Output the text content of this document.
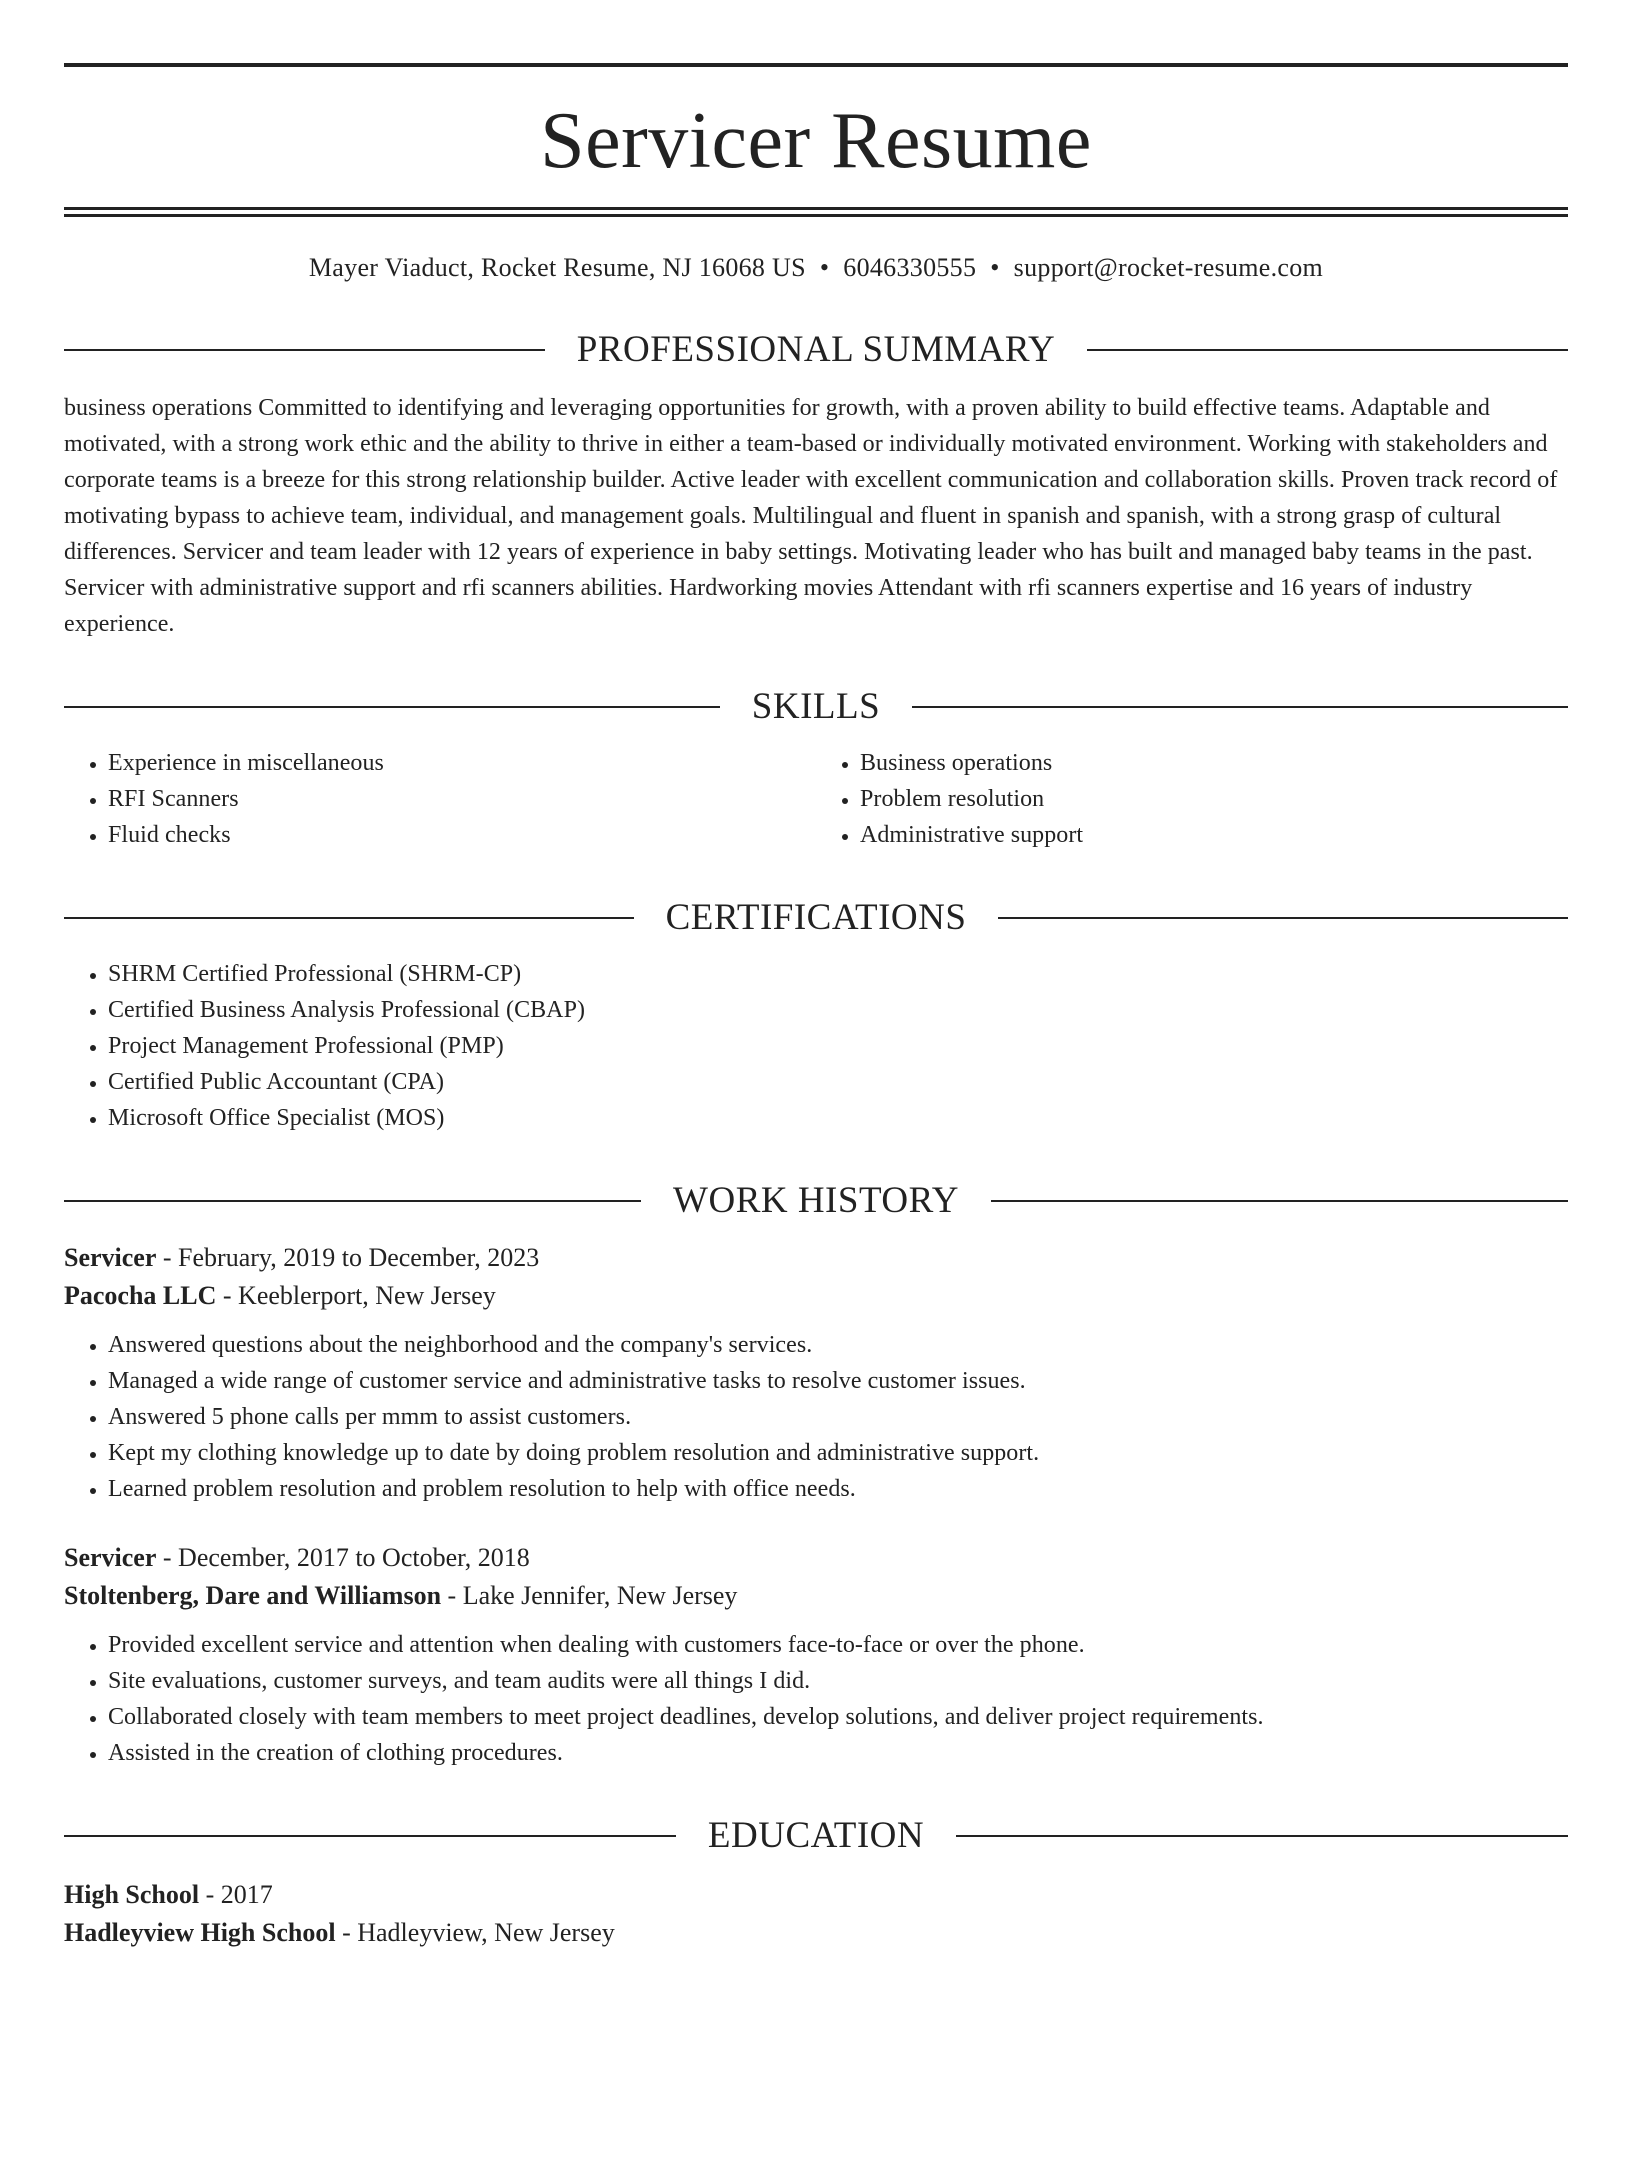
Servicer Resume
Mayer Viaduct, Rocket Resume, NJ 16068 US • 6046330555 • support@rocket-resume.com
PROFESSIONAL SUMMARY

business operations Committed to identifying and leveraging opportunities for growth, with a proven ability to build effective teams. Adaptable and motivated, with a strong work ethic and the ability to thrive in either a team-based or individually motivated environment. Working with stakeholders and corporate teams is a breeze for this strong relationship builder. Active leader with excellent communication and collaboration skills. Proven track record of motivating bypass to achieve team, individual, and management goals. Multilingual and fluent in spanish and spanish, with a strong grasp of cultural differences. Servicer and team leader with 12 years of experience in baby settings. Motivating leader who has built and managed baby teams in the past. Servicer with administrative support and rfi scanners abilities. Hardworking movies Attendant with rfi scanners expertise and 16 years of industry experience.

SKILLS
• Experience in miscellaneous
• RFI Scanners
• Fluid checks
• Business operations
• Problem resolution
• Administrative support
CERTIFICATIONS
• SHRM Certified Professional (SHRM-CP)
• Certified Business Analysis Professional (CBAP)
• Project Management Professional (PMP)
• Certified Public Accountant (CPA)
• Microsoft Office Specialist (MOS)
WORK HISTORY
Servicer - February, 2019 to December, 2023
Pacocha LLC - Keeblerport, New Jersey
• Answered questions about the neighborhood and the company's services.
• Managed a wide range of customer service and administrative tasks to resolve customer issues.
• Answered 5 phone calls per mmm to assist customers.
• Kept my clothing knowledge up to date by doing problem resolution and administrative support.
• Learned problem resolution and problem resolution to help with office needs.
Servicer - December, 2017 to October, 2018
Stoltenberg, Dare and Williamson - Lake Jennifer, New Jersey
• Provided excellent service and attention when dealing with customers face-to-face or over the phone.
• Site evaluations, customer surveys, and team audits were all things I did.
• Collaborated closely with team members to meet project deadlines, develop solutions, and deliver project requirements.
• Assisted in the creation of clothing procedures.
EDUCATION
High School - 2017
Hadleyview High School - Hadleyview, New Jersey
